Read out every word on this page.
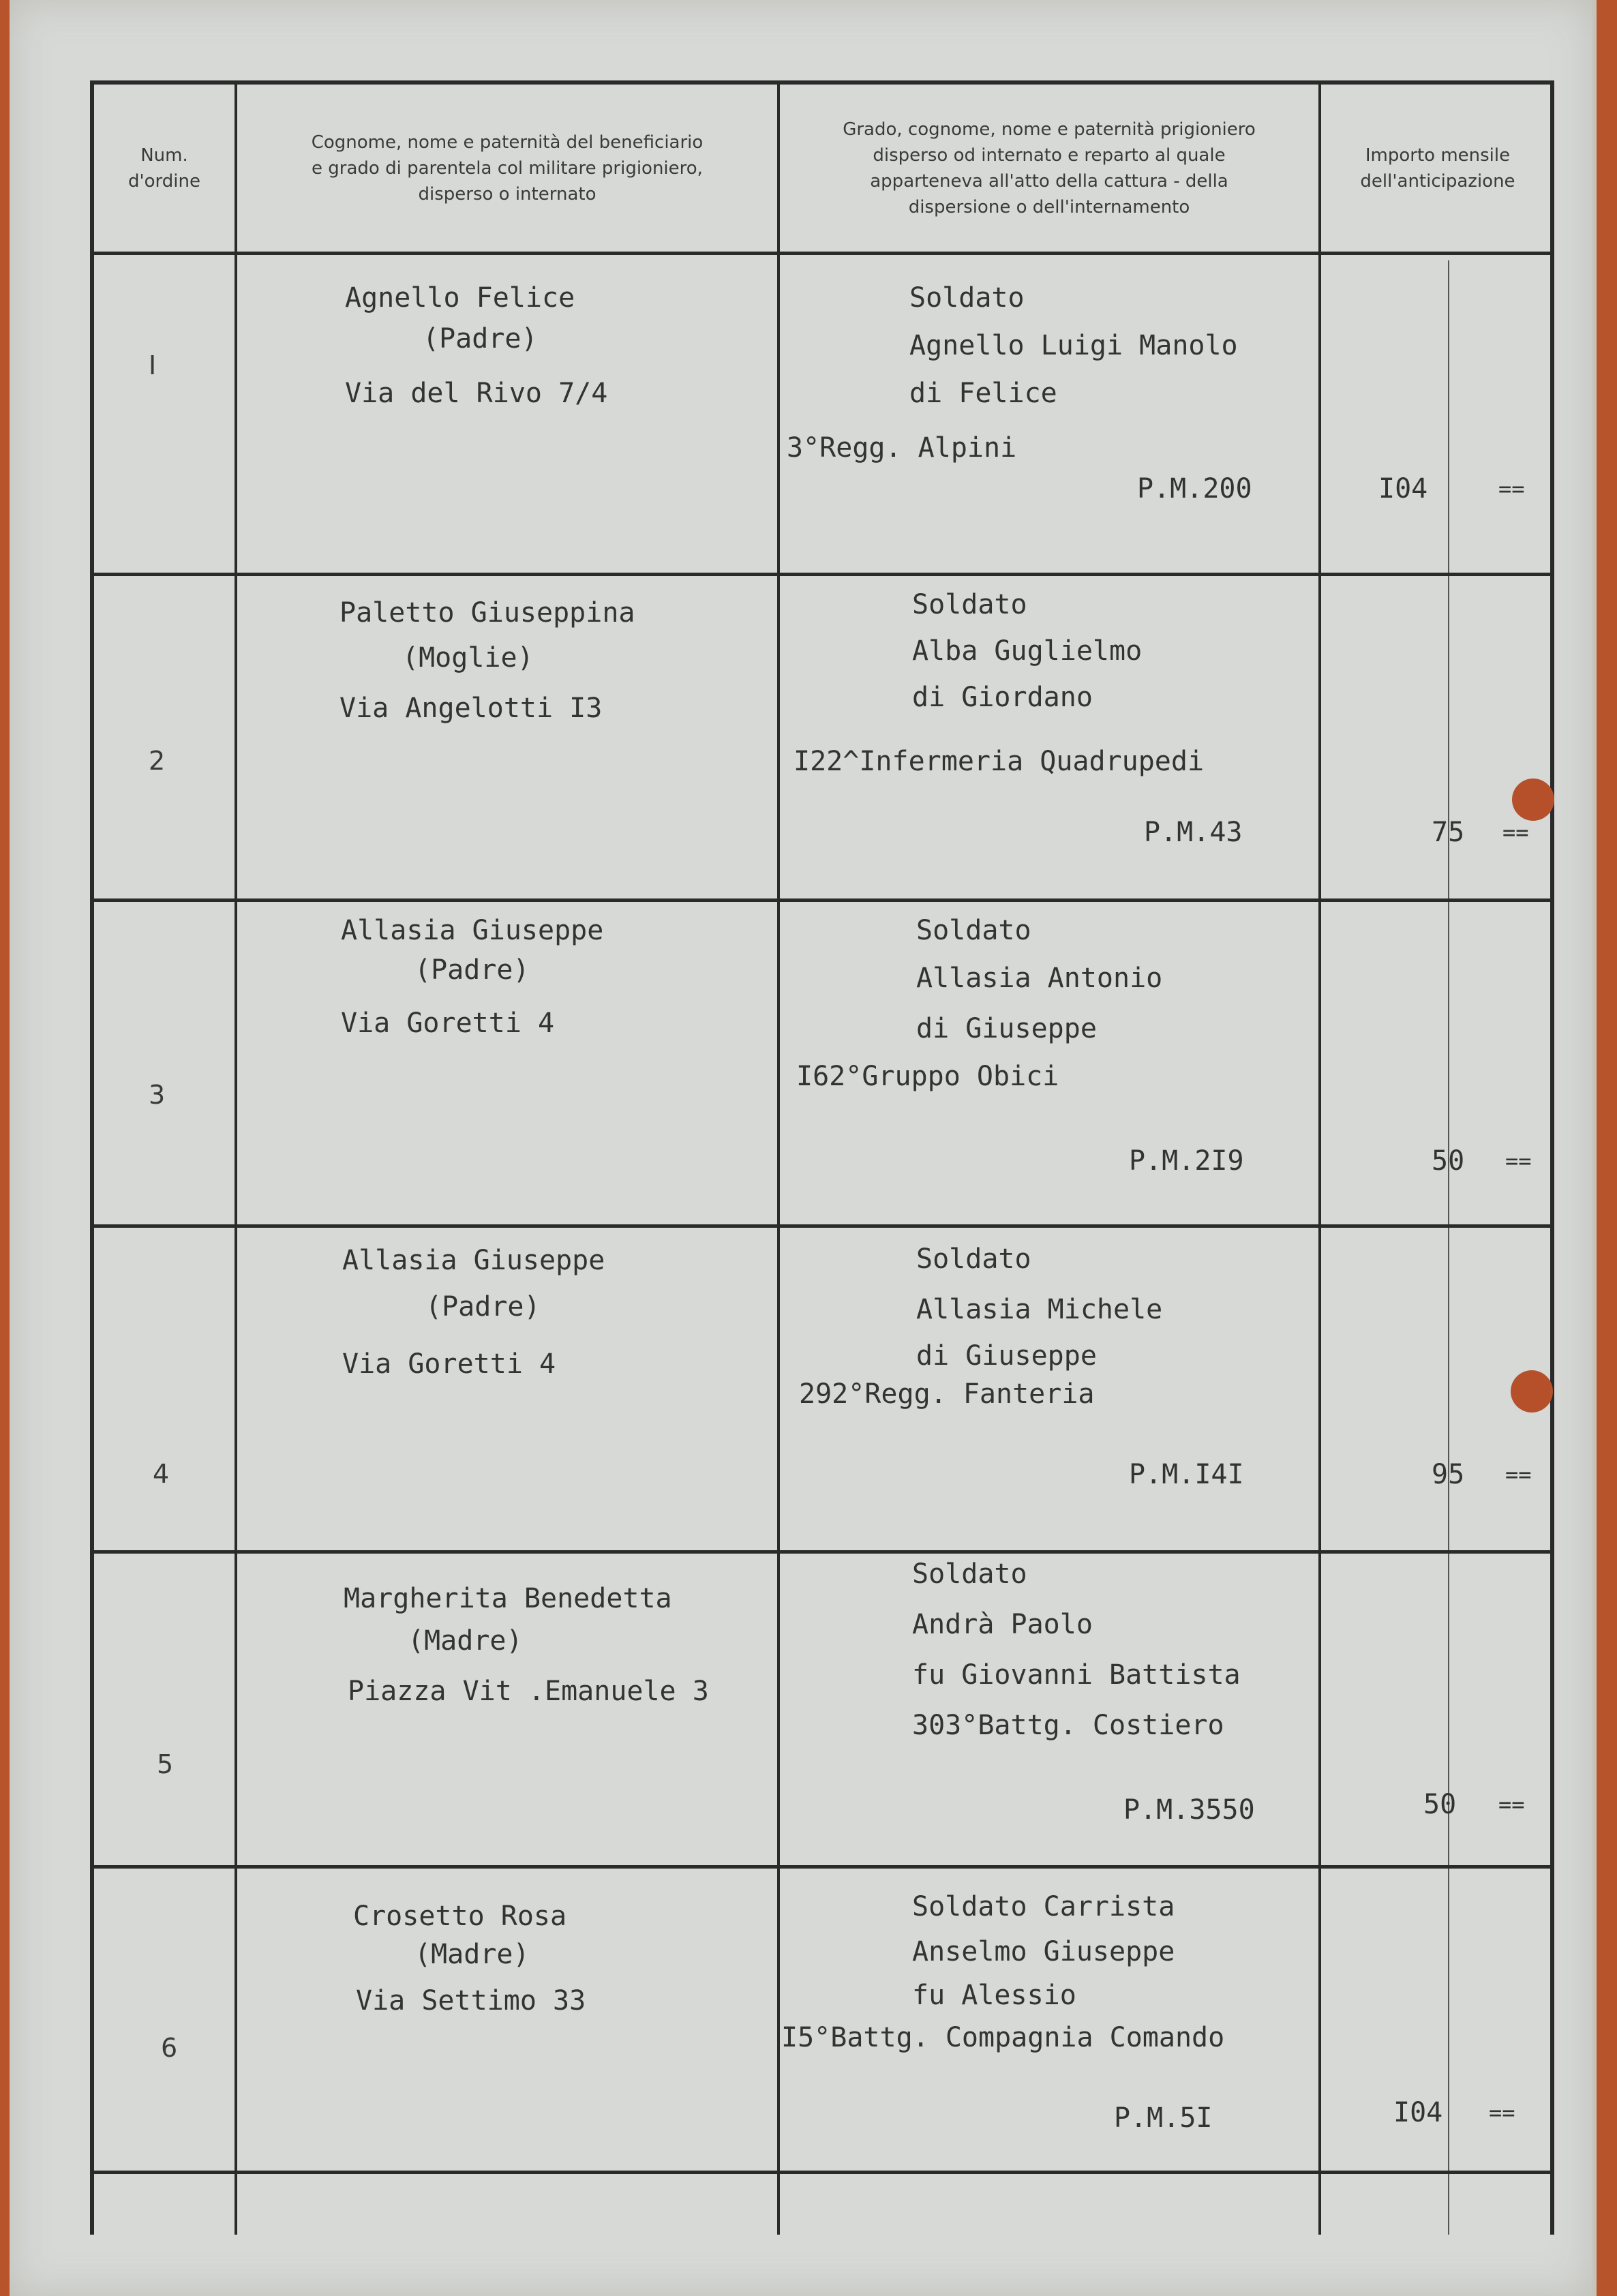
Num.
d'ordine
Cognome, nome e paternità del beneficiario
e grado di parentela col militare prigioniero,
disperso o internato
Grado, cognome, nome e paternità prigioniero
disperso od internato e reparto al quale
apparteneva all'atto della cattura - della
dispersione o dell'internamento
Importo mensile
dell'anticipazione
I
Agnello Felice
(Padre)
Via del Rivo 7/4
Soldato
Agnello Luigi Manolo
di Felice
3°Regg. Alpini
P.M.200	I04	==
2
Paletto Giuseppina
(Moglie)
Via Angelotti I3
Soldato
Alba Guglielmo
di Giordano
I22^Infermeria Quadrupedi
P.M.43	75 ==
3
Allasia Giuseppe
(Padre)
Via Goretti 4
Soldato
Allasia Antonio
di Giuseppe
I62°Gruppo Obici
P.M.2I9	50 ==
4
Allasia Giuseppe
(Padre)
Via Goretti 4
Soldato
Allasia Michele
di Giuseppe
292°Regg. Fanteria
P.M.I4I	95 ==
5
Margherita Benedetta
(Madre)
Piazza Vit .Emanuele 3
Soldato
Andrà Paolo
fu Giovanni Battista
303°Battg. Costiero
P.M.3550	50 ==
6
Crosetto Rosa
(Madre)
Via Settimo 33
Soldato Carrista
Anselmo Giuseppe
fu Alessio
I5°Battg. Compagnia Comando
P.M.5I	I04 ==
